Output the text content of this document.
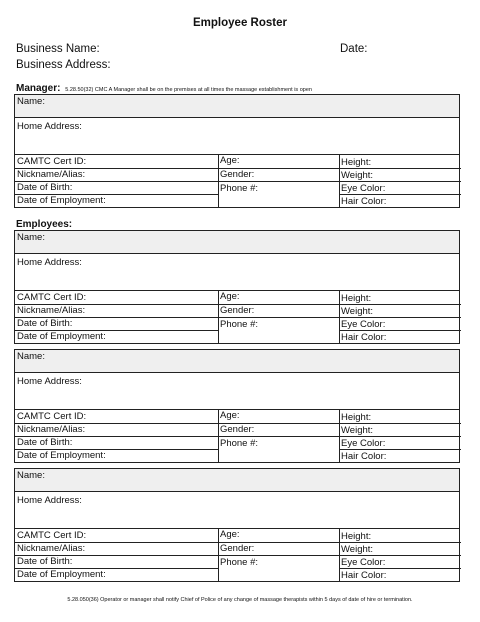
Employee Roster
Business Name:
Business Address:
Date:
Manager: 5.28.50(32) CMC A Manager shall be on the premises at all times the massage establishment is open
Employees:
Name:
Home Address:
CAMTC Cert ID:
Nickname/Alias:
Date of Birth:
Date of Employment:
Age:
Gender:
Phone #:
Height:
Weight:
Eye Color:
Hair Color:
Name:
Home Address:
CAMTC Cert ID:
Nickname/Alias:
Date of Birth:
Date of Employment:
Age:
Gender:
Phone #:
Height:
Weight:
Eye Color:
Hair Color:
Name:
Home Address:
CAMTC Cert ID:
Nickname/Alias:
Date of Birth:
Date of Employment:
Age:
Gender:
Phone #:
Height:
Weight:
Eye Color:
Hair Color:
Name:
Home Address:
CAMTC Cert ID:
Nickname/Alias:
Date of Birth:
Date of Employment:
Age:
Gender:
Phone #:
Height:
Weight:
Eye Color:
Hair Color:
5.28.050(36) Operator or manager shall notify Chief of Police of any change of massage therapists within 5 days of date of hire or termination.
